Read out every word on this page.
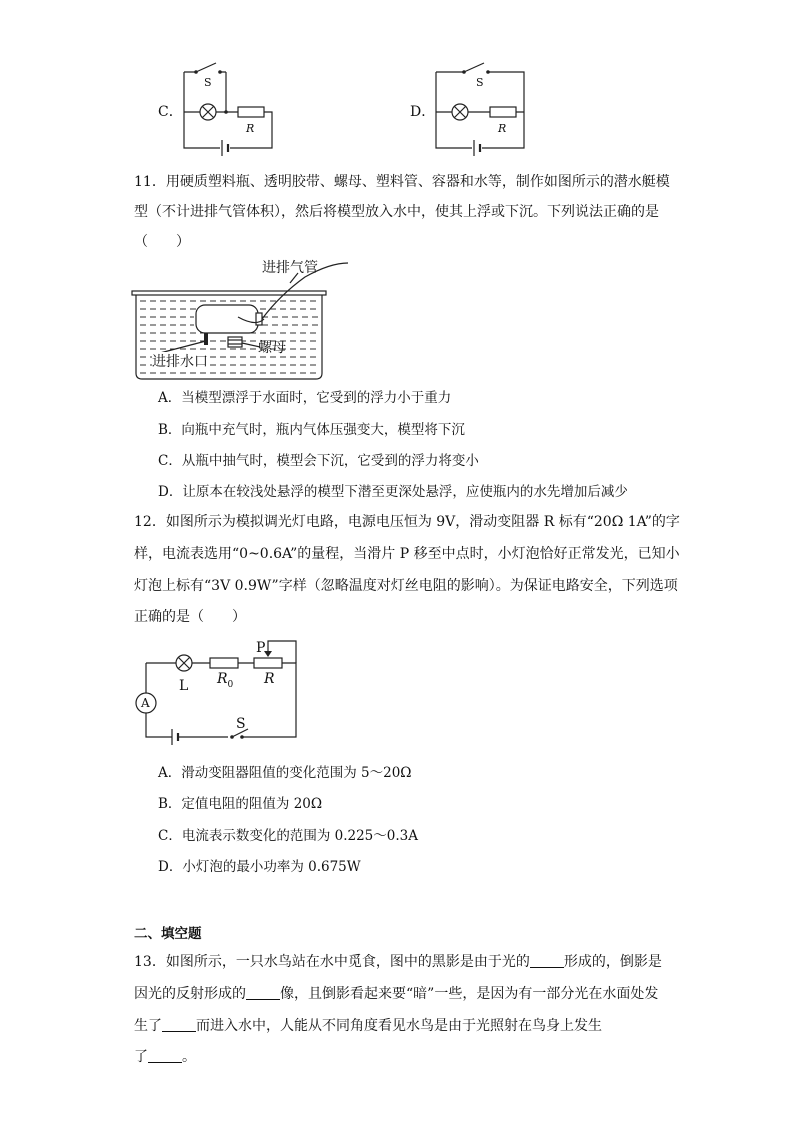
C．
S
R
D．
S
R
11．用硬质塑料瓶、透明胶带、螺母、塑料管、容器和水等，制作如图所示的潜水艇模
型（不计进排气管体积），然后将模型放入水中，使其上浮或下沉。下列说法正确的是
（　　）
进排气管
螺母
进排水口
A．当模型漂浮于水面时，它受到的浮力小于重力
B．向瓶中充气时，瓶内气体压强变大，模型将下沉
C．从瓶中抽气时，模型会下沉，它受到的浮力将变小
D．让原本在较浅处悬浮的模型下潜至更深处悬浮，应使瓶内的水先增加后减少
12．如图所示为模拟调光灯电路，电源电压恒为 9V，滑动变阻器 R 标有“20Ω 1A”的字
样，电流表选用“0~0.6A”的量程，当滑片 P 移至中点时，小灯泡恰好正常发光，已知小
灯泡上标有“3V 0.9W”字样（忽略温度对灯丝电阻的影响）。为保证电路安全，下列选项
正确的是（　　）
P
L $R_0$ R
A
S
A．滑动变阻器阻值的变化范围为 5～20Ω
B．定值电阻的阻值为 20Ω
C．电流表示数变化的范围为 0.225～0.3A
D．小灯泡的最小功率为 0.675W
二、填空题
13．如图所示，一只水鸟站在水中觅食，图中的黑影是由于光的 形成的，倒影是
因光的反射形成的 像，且倒影看起来要“暗”一些，是因为有一部分光在水面处发
生了 而进入水中，人能从不同角度看见水鸟是由于光照射在鸟身上发生
了 。
